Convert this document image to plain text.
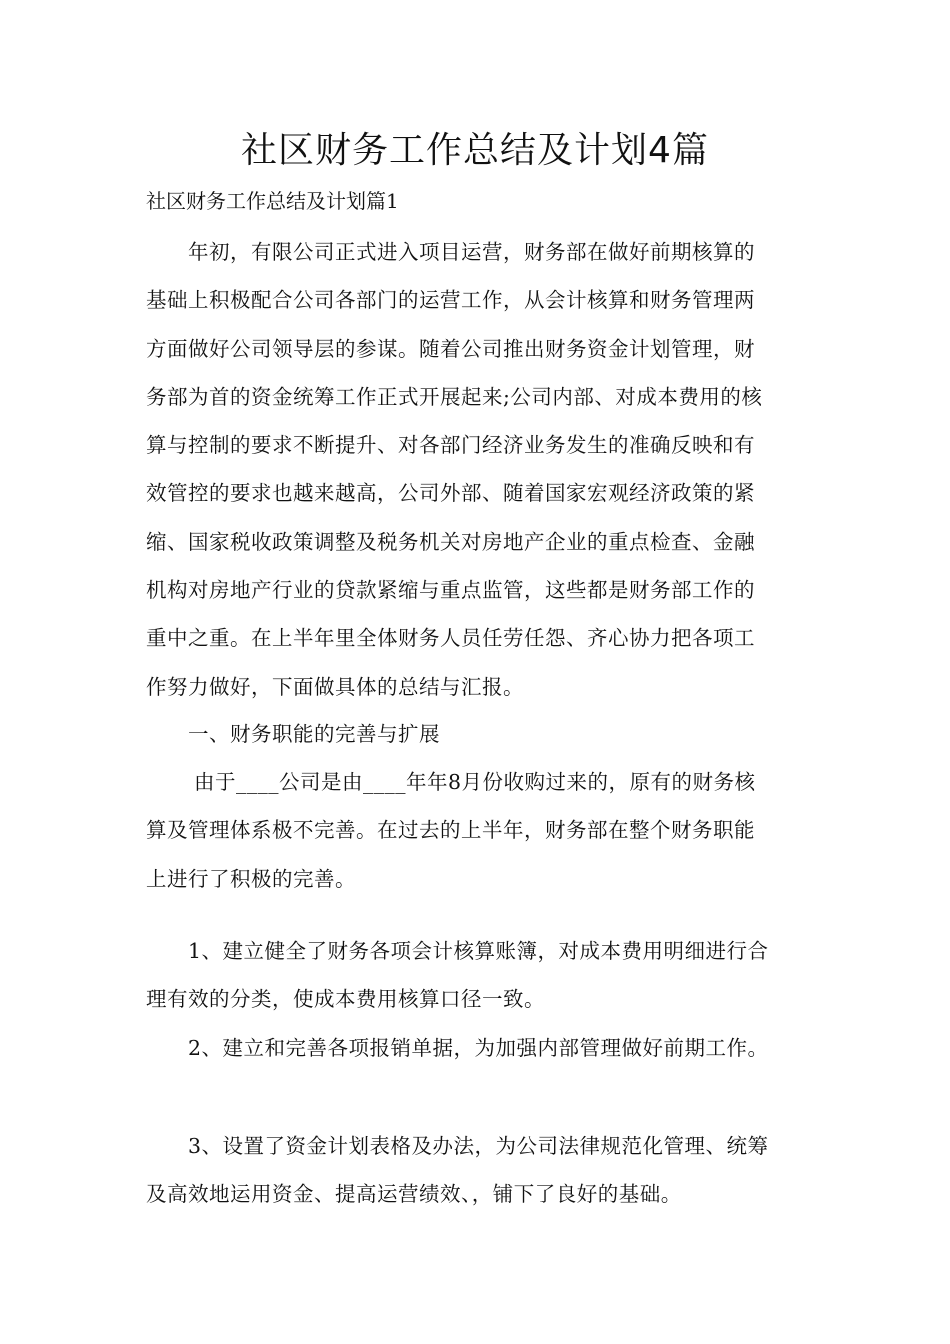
社区财务工作总结及计划4篇

社区财务工作总结及计划篇1

年初，有限公司正式进入项目运营，财务部在做好前期核算的
基础上积极配合公司各部门的运营工作，从会计核算和财务管理两
方面做好公司领导层的参谋。随着公司推出财务资金计划管理，财
务部为首的资金统筹工作正式开展起来;公司内部、对成本费用的核
算与控制的要求不断提升、对各部门经济业务发生的准确反映和有
效管控的要求也越来越高，公司外部、随着国家宏观经济政策的紧
缩、国家税收政策调整及税务机关对房地产企业的重点检查、金融
机构对房地产行业的贷款紧缩与重点监管，这些都是财务部工作的
重中之重。在上半年里全体财务人员任劳任怨、齐心协力把各项工
作努力做好，下面做具体的总结与汇报。

一、财务职能的完善与扩展

由于____公司是由____年年8月份收购过来的，原有的财务核
算及管理体系极不完善。在过去的上半年，财务部在整个财务职能
上进行了积极的完善。

1、建立健全了财务各项会计核算账簿，对成本费用明细进行合
理有效的分类，使成本费用核算口径一致。

2、建立和完善各项报销单据，为加强内部管理做好前期工作。

3、设置了资金计划表格及办法，为公司法律规范化管理、统筹
及高效地运用资金、提高运营绩效、，铺下了良好的基础。
